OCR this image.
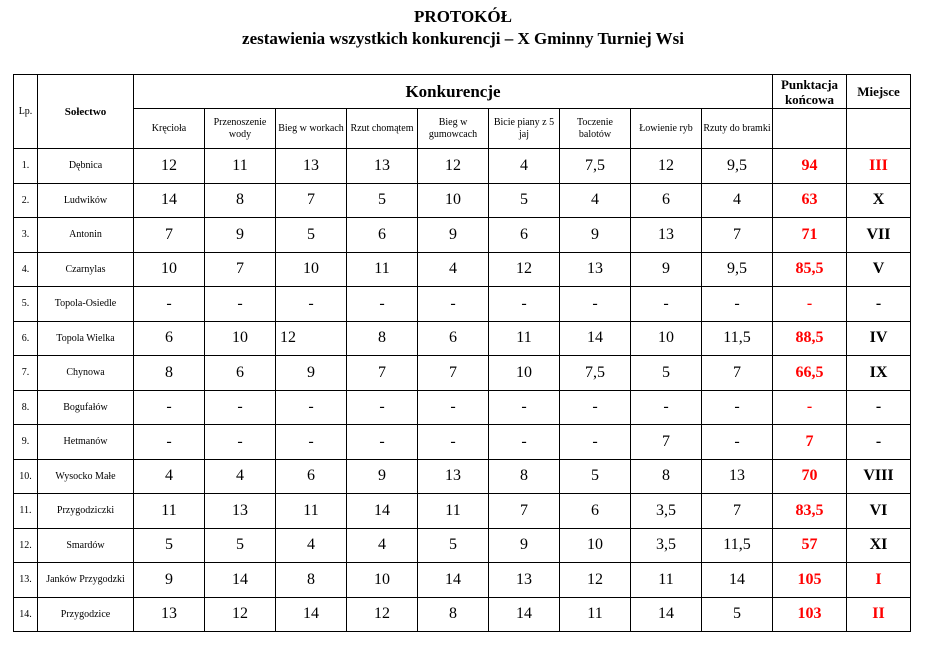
PROTOKÓŁ
zestawienia wszystkich konkurencji – X Gminny Turniej Wsi
Lp.	Sołectwo	Konkurencje									Punktacja końcowa	Miejsce
		Kręcioła	Przenoszenie wody	Bieg w workach	Rzut chomątem	Bieg w gumowcach	Bicie piany z 5 jaj	Toczenie balotów	Łowienie ryb	Rzuty do bramki		
1.	Dębnica	12	11	13	13	12	4	7,5	12	9,5	94	III
2.	Ludwików	14	8	7	5	10	5	4	6	4	63	X
3.	Antonin	7	9	5	6	9	6	9	13	7	71	VII
4.	Czarnylas	10	7	10	11	4	12	13	9	9,5	85,5	V
5.	Topola-Osiedle	-	-	-	-	-	-	-	-	-	-	-
6.	Topola Wielka	6	10	12	8	6	11	14	10	11,5	88,5	IV
7.	Chynowa	8	6	9	7	7	10	7,5	5	7	66,5	IX
8.	Bogufałów	-	-	-	-	-	-	-	-	-	-	-
9.	Hetmanów	-	-	-	-	-	-	-	7	-	7	-
10.	Wysocko Małe	4	4	6	9	13	8	5	8	13	70	VIII
11.	Przygodziczki	11	13	11	14	11	7	6	3,5	7	83,5	VI
12.	Smardów	5	5	4	4	5	9	10	3,5	11,5	57	XI
13.	Janków Przygodzki	9	14	8	10	14	13	12	11	14	105	I
14.	Przygodzice	13	12	14	12	8	14	11	14	5	103	II
